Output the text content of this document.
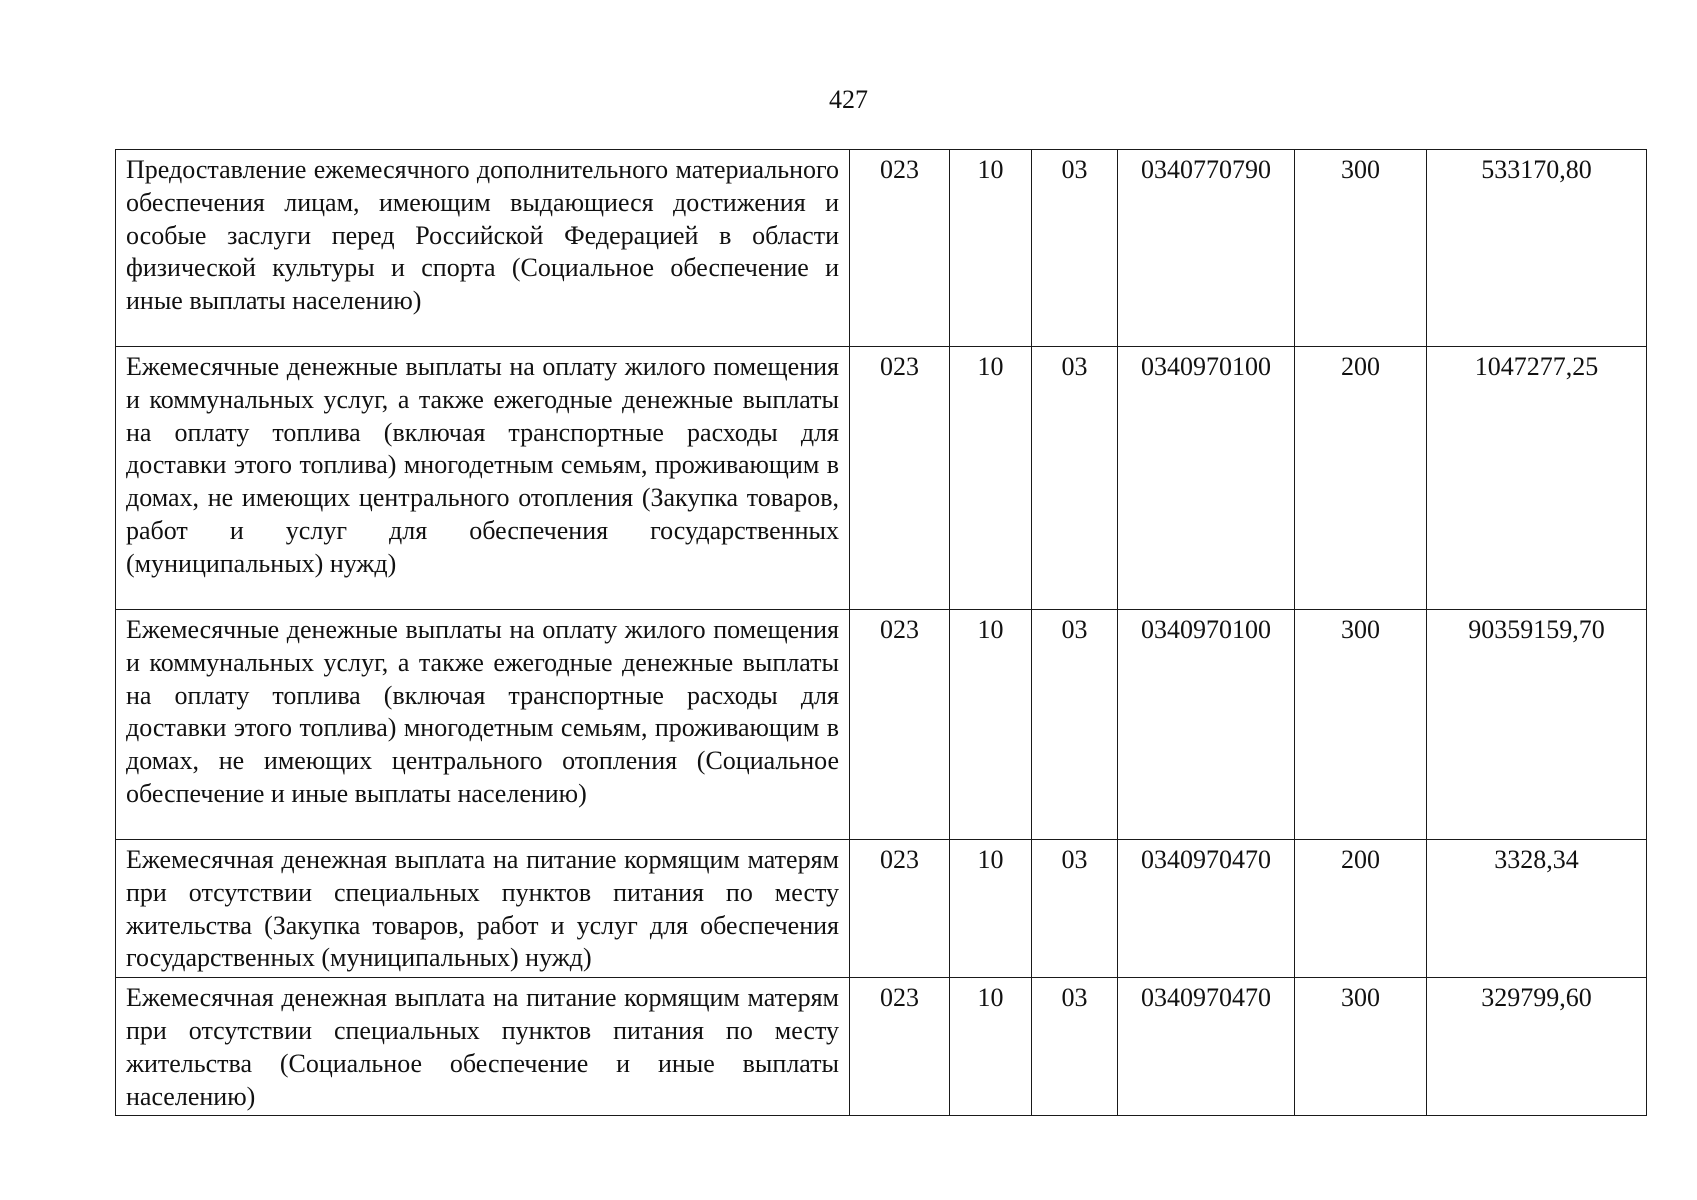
427
Предоставление ежемесячного дополнительного материального обеспечения лицам, имеющим выдающиеся достижения и особые заслуги перед Российской Федерацией в области физической культуры и спорта (Социальное обеспечение и иные выплаты населению)	023	10	03	0340770790	300	533170,80
Ежемесячные денежные выплаты на оплату жилого помещения и коммунальных услуг, а также ежегодные денежные выплаты на оплату топлива (включая транспортные расходы для доставки этого топлива) многодетным семьям, проживающим в домах, не имеющих центрального отопления (Закупка товаров, работ и услуг для обеспечения государственных (муниципальных) нужд)	023	10	03	0340970100	200	1047277,25
Ежемесячные денежные выплаты на оплату жилого помещения и коммунальных услуг, а также ежегодные денежные выплаты на оплату топлива (включая транспортные расходы для доставки этого топлива) многодетным семьям, проживающим в домах, не имеющих центрального отопления (Социальное обеспечение и иные выплаты населению)	023	10	03	0340970100	300	90359159,70
Ежемесячная денежная выплата на питание кормящим матерям при отсутствии специальных пунктов питания по месту жительства (Закупка товаров, работ и услуг для обеспечения государственных (муниципальных) нужд)	023	10	03	0340970470	200	3328,34
Ежемесячная денежная выплата на питание кормящим матерям при отсутствии специальных пунктов питания по месту жительства (Социальное обеспечение и иные выплаты населению)	023	10	03	0340970470	300	329799,60
